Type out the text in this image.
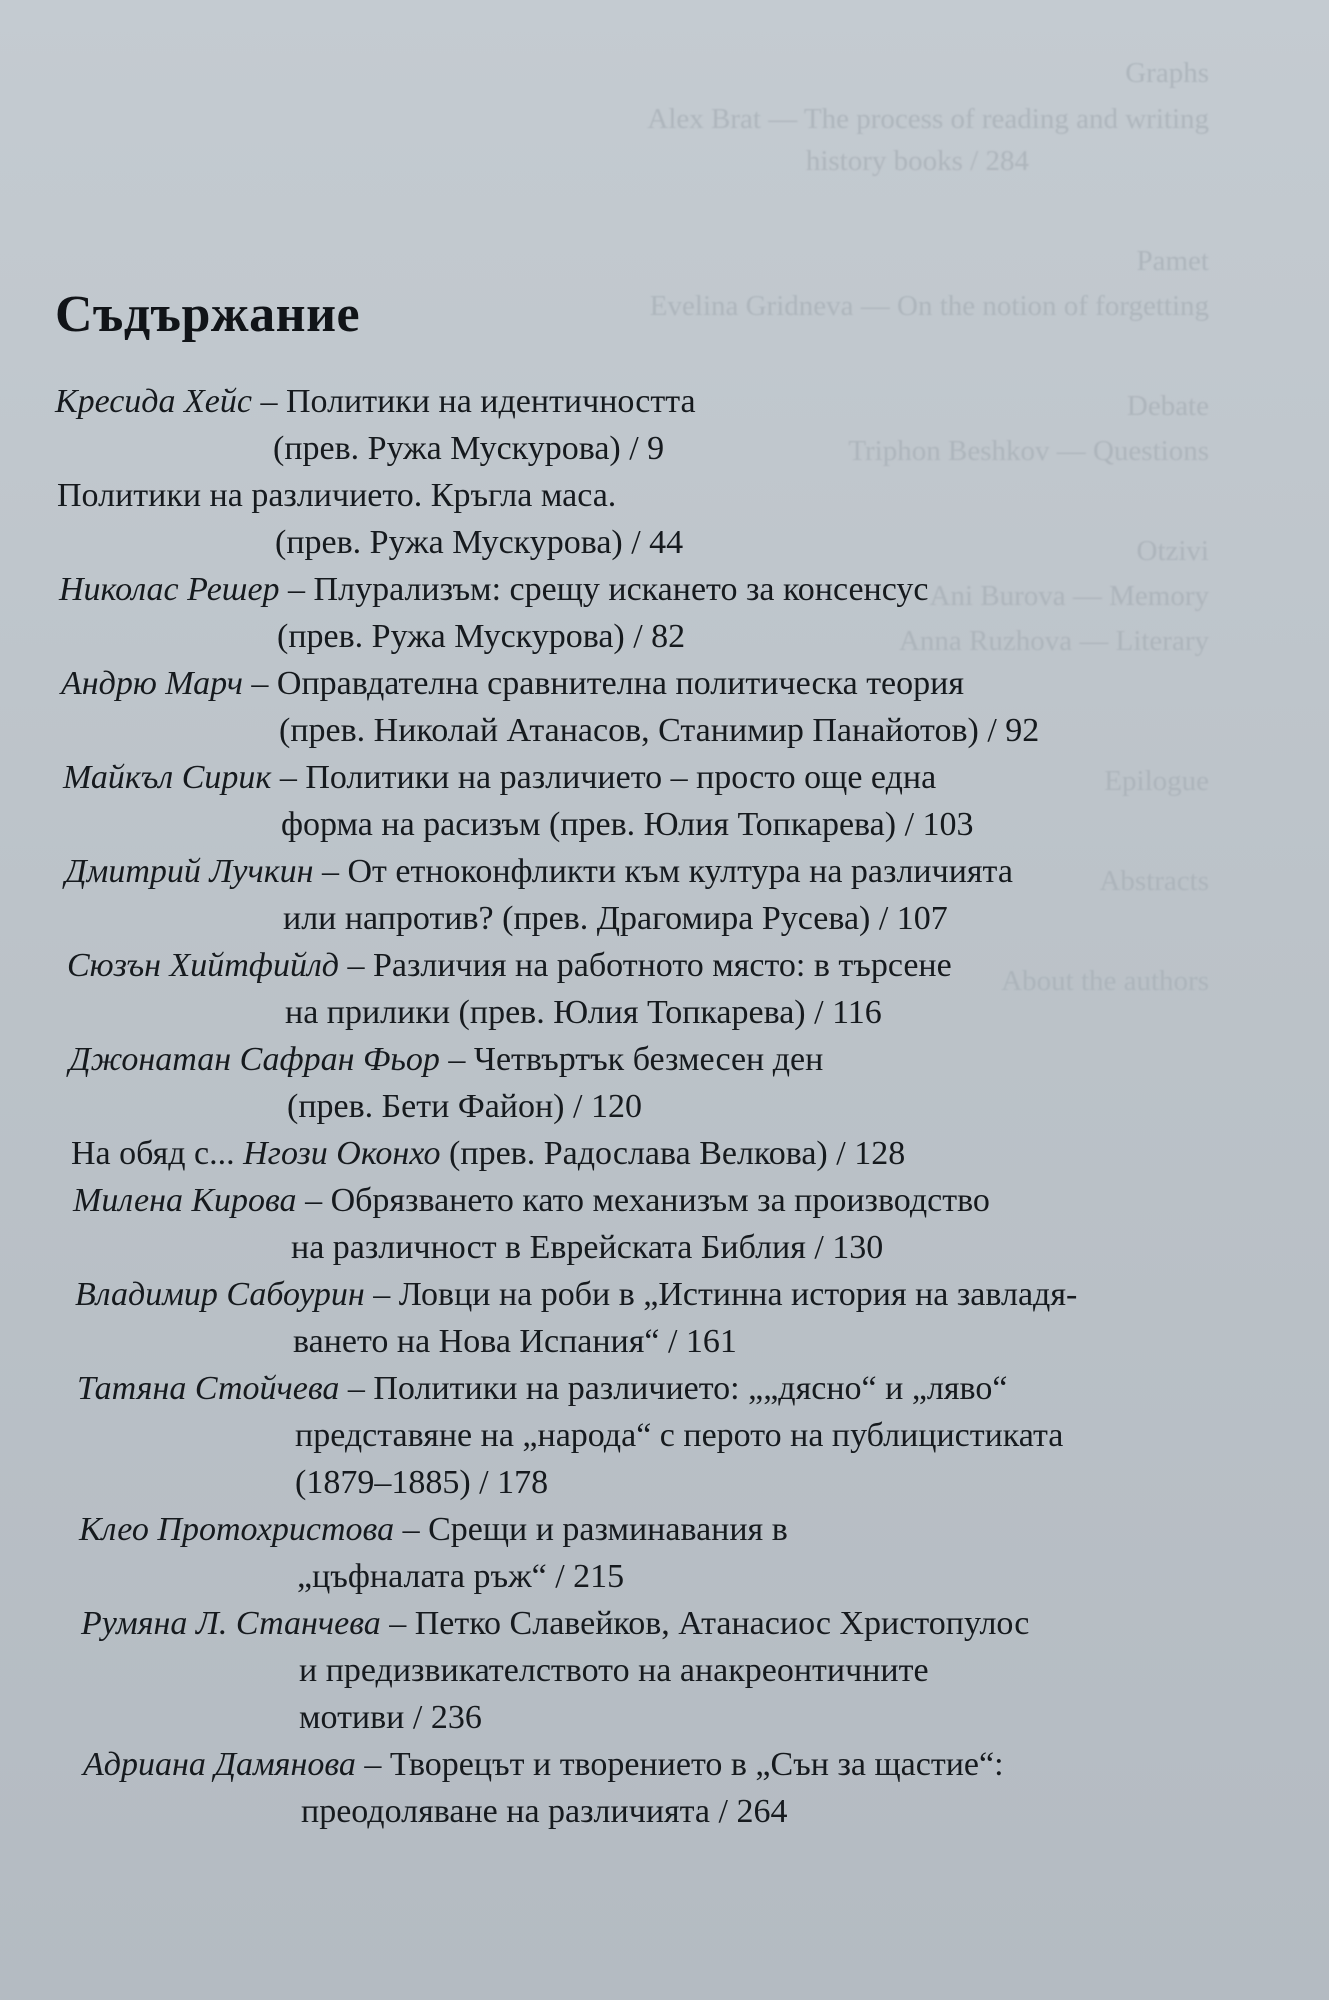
Graphs
Alex Brat — The process of reading and writing
history books / 284
Pamet
Evelina Gridneva — On the notion of forgetting
Debate
Triphon Beshkov — Questions
Otzivi
Ani Burova — Memory
Anna Ruzhova — Literary
Epilogue
Abstracts
About the authors
Съдържание
Кресида Хейс – Политики на идентичността
(прев. Ружа Мускурова) / 9
Политики на различието. Кръгла маса.
(прев. Ружа Мускурова) / 44
Николас Решер – Плурализъм: срещу искането за консенсус
(прев. Ружа Мускурова) / 82
Андрю Марч – Оправдателна сравнителна политическа теория
(прев. Николай Атанасов, Станимир Панайотов) / 92
Майкъл Сирик – Политики на различието – просто още една
форма на расизъм (прев. Юлия Топкарева) / 103
Дмитрий Лучкин – От етноконфликти към култура на различията
или напротив? (прев. Драгомира Русева) / 107
Сюзън Хийтфийлд – Различия на работното място: в търсене
на прилики (прев. Юлия Топкарева) / 116
Джонатан Сафран Фьор – Четвъртък безмесен ден
(прев. Бети Файон) / 120
На обяд с... Нгози Оконхо (прев. Радослава Велкова) / 128
Милена Кирова – Обрязването като механизъм за производство
на различност в Еврейската Библия / 130
Владимир Сабоурин – Ловци на роби в „Истинна история на завладя-
ването на Нова Испания“ / 161
Татяна Стойчева – Политики на различието: „„дясно“ и „ляво“
представяне на „народа“ с перото на публицистиката
(1879–1885) / 178
Клео Протохристова – Срещи и разминавания в
„цъфналата ръж“ / 215
Румяна Л. Станчева – Петко Славейков, Атанасиос Христопулос
и предизвикателството на анакреонтичните
мотиви / 236
Адриана Дамянова – Творецът и творението в „Сън за щастие“:
преодоляване на различията / 264
